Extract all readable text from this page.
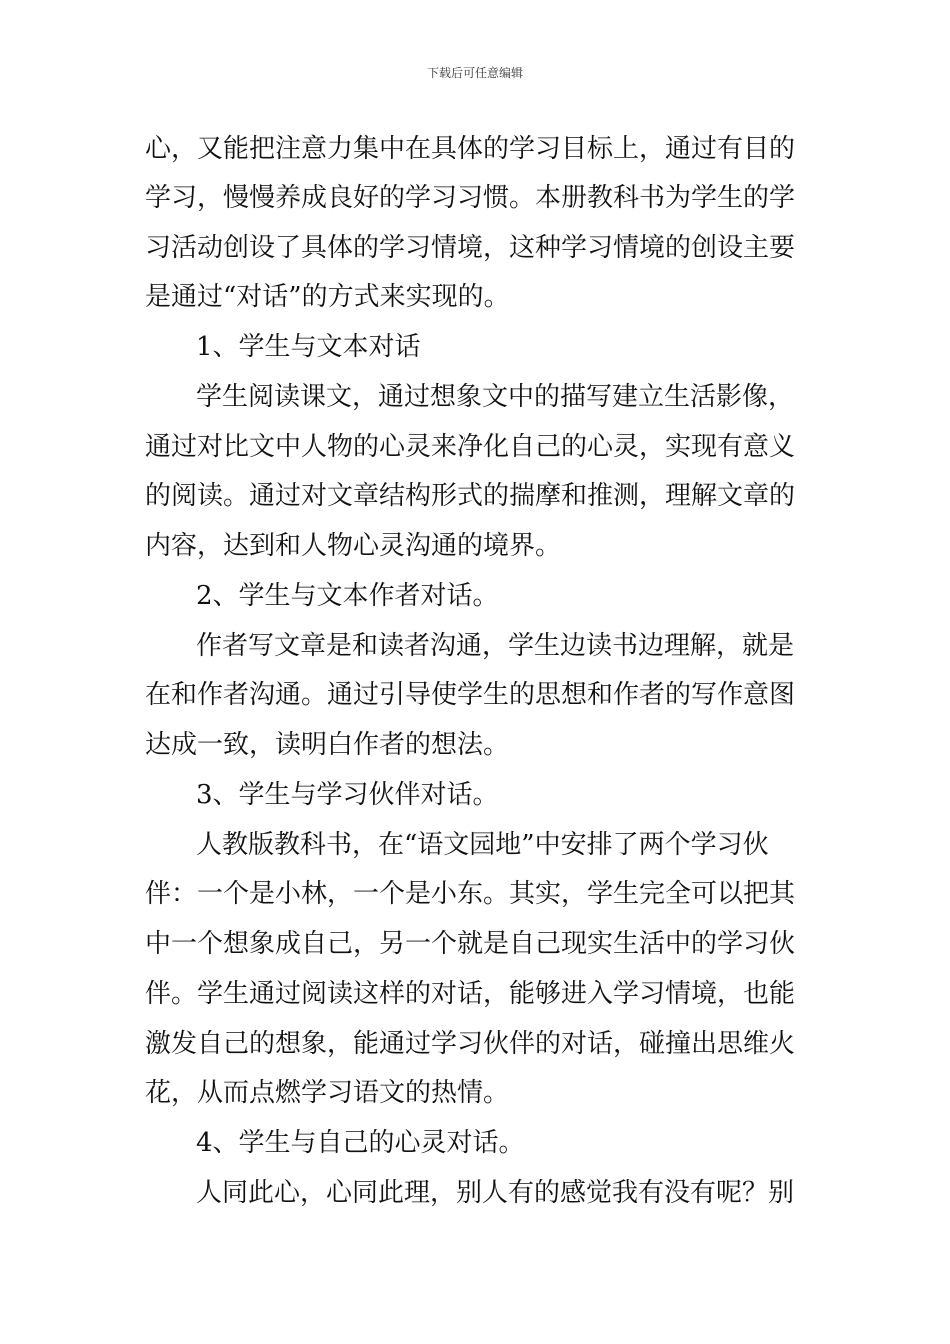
下载后可任意编辑
心，又能把注意力集中在具体的学习目标上，通过有目的
学习，慢慢养成良好的学习习惯。本册教科书为学生的学
习活动创设了具体的学习情境，这种学习情境的创设主要
是通过“对话”的方式来实现的。
1、学生与文本对话
学生阅读课文，通过想象文中的描写建立生活影像，
通过对比文中人物的心灵来净化自己的心灵，实现有意义
的阅读。通过对文章结构形式的揣摩和推测，理解文章的
内容，达到和人物心灵沟通的境界。
2、学生与文本作者对话。
作者写文章是和读者沟通，学生边读书边理解，就是
在和作者沟通。通过引导使学生的思想和作者的写作意图
达成一致，读明白作者的想法。
3、学生与学习伙伴对话。
人教版教科书，在“语文园地”中安排了两个学习伙
伴：一个是小林，一个是小东。其实，学生完全可以把其
中一个想象成自己，另一个就是自己现实生活中的学习伙
伴。学生通过阅读这样的对话，能够进入学习情境，也能
激发自己的想象，能通过学习伙伴的对话，碰撞出思维火
花，从而点燃学习语文的热情。
4、学生与自己的心灵对话。
人同此心，心同此理，别人有的感觉我有没有呢？别
